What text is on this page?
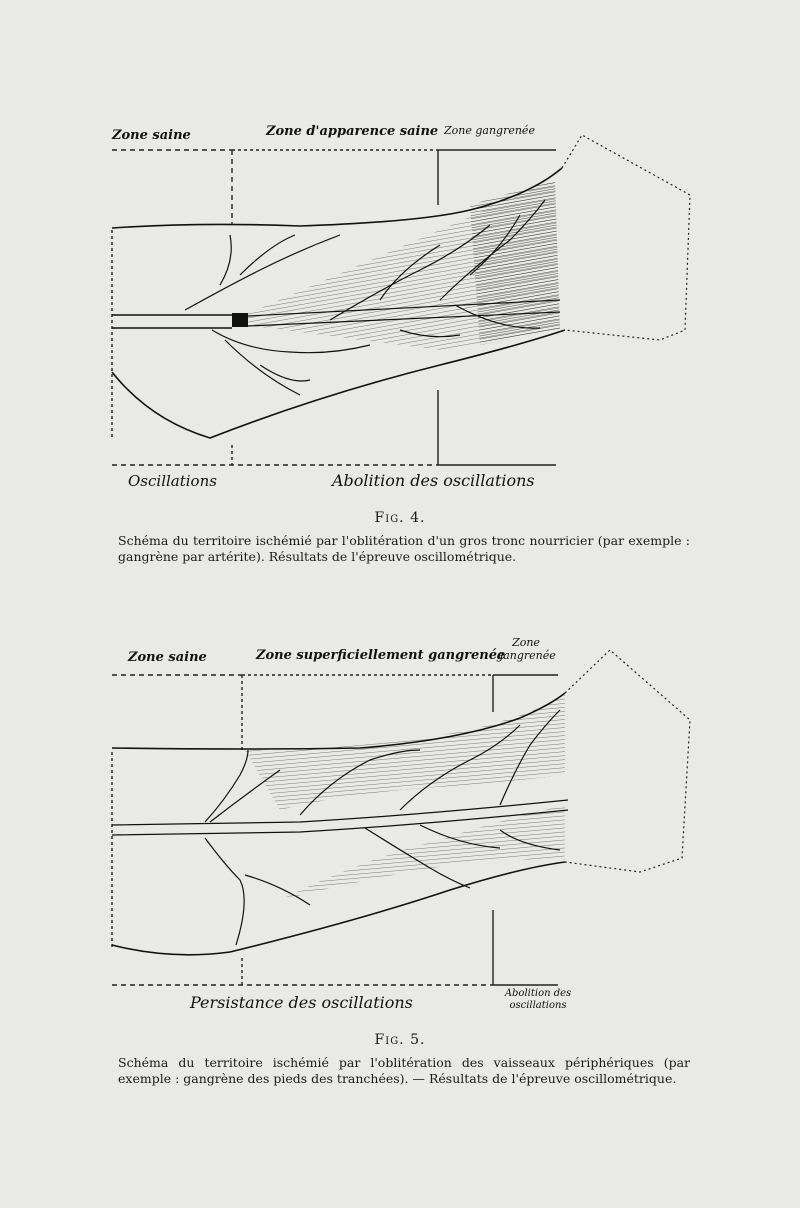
Zone saine	Zone d'apparence saine Zone gangrenée
Oscillations	Abolition des oscillations
Fig. 4.
Schéma du territoire ischémié par l'oblitération d'un gros tronc nourricier (par exemple : gangrène par artérite). Résultats de l'épreuve oscillométrique.
Zone saine	Zone superficiellement gangrenée
Zone gangrenée
Persistance des oscillations	Abolition des oscillations
Fig. 5.
Schéma du territoire ischémié par l'oblitération des vaisseaux périphériques (par exemple : gangrène des pieds des tranchées). — Résultats de l'épreuve oscillométrique.
